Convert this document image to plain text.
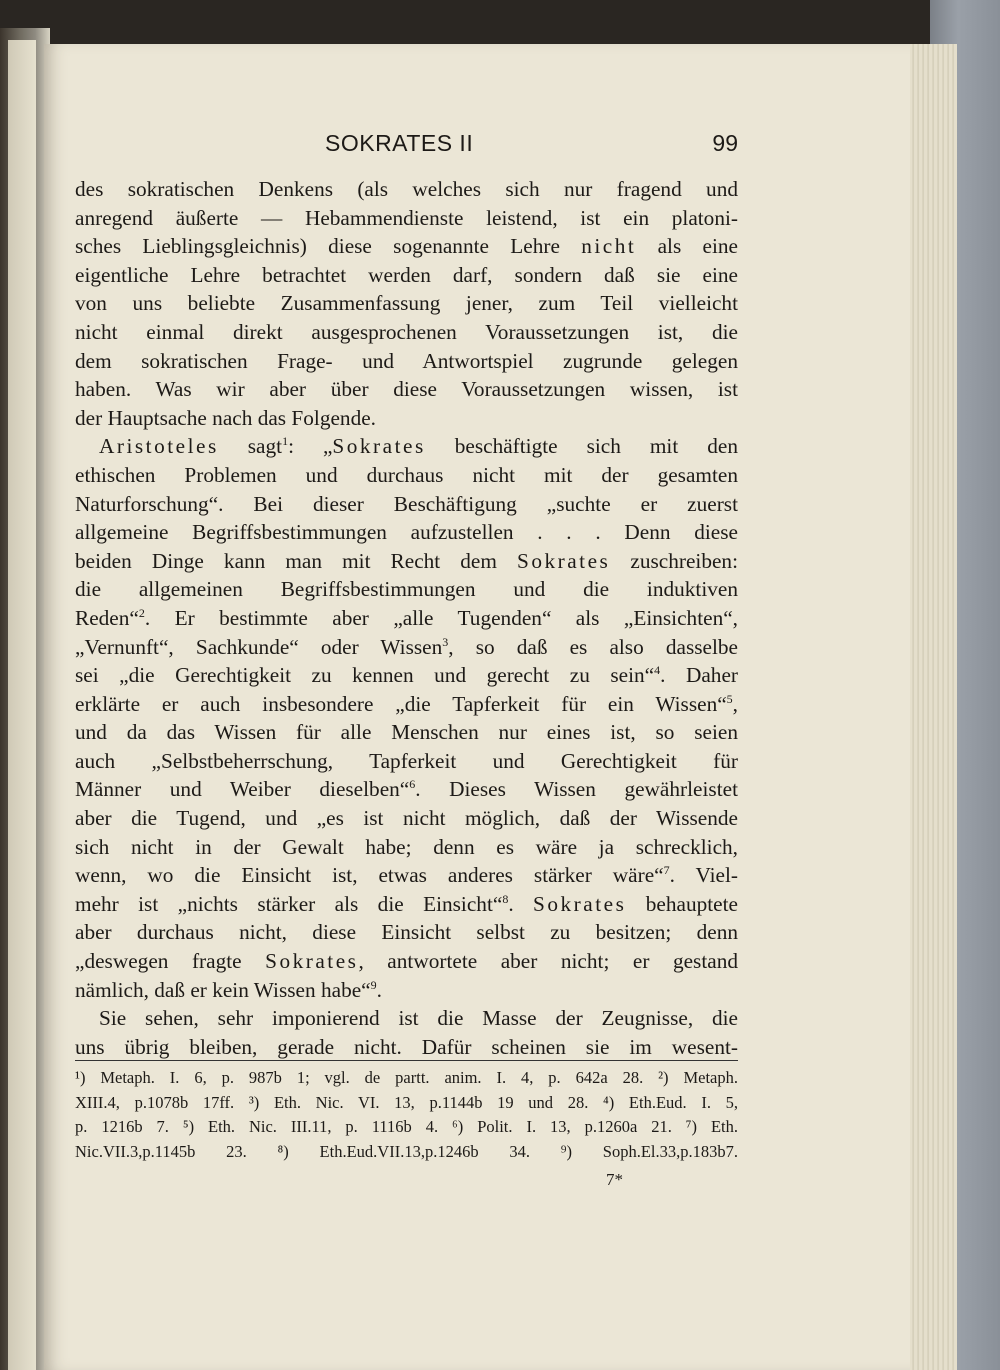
SOKRATES II	99
des sokratischen Denkens (als welches sich nur fragend und
anregend äußerte — Hebammendienste leistend, ist ein platoni-
sches Lieblingsgleichnis) diese sogenannte Lehre nicht als eine
eigentliche Lehre betrachtet werden darf, sondern daß sie eine
von uns beliebte Zusammenfassung jener, zum Teil vielleicht
nicht einmal direkt ausgesprochenen Voraussetzungen ist, die
dem sokratischen Frage- und Antwortspiel zugrunde gelegen
haben. Was wir aber über diese Voraussetzungen wissen, ist
der Hauptsache nach das Folgende.
Aristoteles sagt$^1$: „Sokrates beschäftigte sich mit den
ethischen Problemen und durchaus nicht mit der gesamten
Naturforschung“. Bei dieser Beschäftigung „suchte er zuerst
allgemeine Begriffsbestimmungen aufzustellen . . . Denn diese
beiden Dinge kann man mit Recht dem Sokrates zuschreiben:
die allgemeinen Begriffsbestimmungen und die induktiven
Reden“$^2$. Er bestimmte aber „alle Tugenden“ als „Einsichten“,
„Vernunft“, Sachkunde“ oder Wissen$^3$, so daß es also dasselbe
sei „die Gerechtigkeit zu kennen und gerecht zu sein“$^4$. Daher
erklärte er auch insbesondere „die Tapferkeit für ein Wissen“$^5$,
und da das Wissen für alle Menschen nur eines ist, so seien
auch „Selbstbeherrschung, Tapferkeit und Gerechtigkeit für
Männer und Weiber dieselben“$^6$. Dieses Wissen gewährleistet
aber die Tugend, und „es ist nicht möglich, daß der Wissende
sich nicht in der Gewalt habe; denn es wäre ja schrecklich,
wenn, wo die Einsicht ist, etwas anderes stärker wäre“$^7$. Viel-
mehr ist „nichts stärker als die Einsicht“$^8$. Sokrates behauptete
aber durchaus nicht, diese Einsicht selbst zu besitzen; denn
„deswegen fragte Sokrates, antwortete aber nicht; er gestand
nämlich, daß er kein Wissen habe“$^9$.
Sie sehen, sehr imponierend ist die Masse der Zeugnisse, die
uns übrig bleiben, gerade nicht. Dafür scheinen sie im wesent-
¹) Metaph. I. 6, p. 987b 1; vgl. de partt. anim. I. 4, p. 642a 28. ²) Metaph.
XIII.4, p.1078b 17ff. ³) Eth. Nic. VI. 13, p.1144b 19 und 28. ⁴) Eth.Eud. I. 5,
p. 1216b 7. ⁵) Eth. Nic. III.11, p. 1116b 4. ⁶) Polit. I. 13, p.1260a 21. ⁷) Eth.
Nic.VII.3,p.1145b 23. ⁸) Eth.Eud.VII.13,p.1246b 34. ⁹) Soph.El.33,p.183b7.
7*
